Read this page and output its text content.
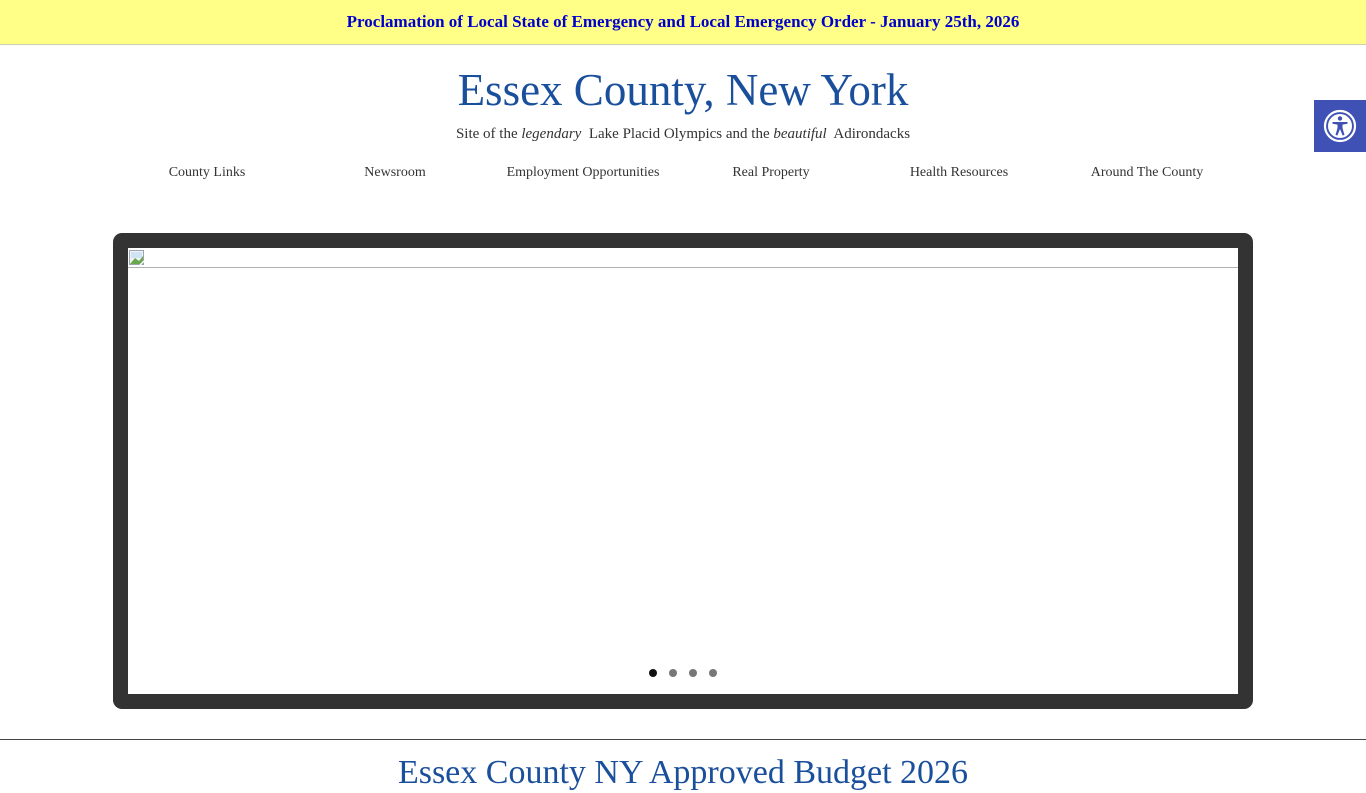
Proclamation of Local State of Emergency and Local Emergency Order - January 25th, 2026
Essex County, New York
Site of the legendary  Lake Placid Olympics and the beautiful  Adirondacks
County Links	Newsroom	Employment Opportunities	Real Property	Health Resources	Around The County
Essex County NY Approved Budget 2026
